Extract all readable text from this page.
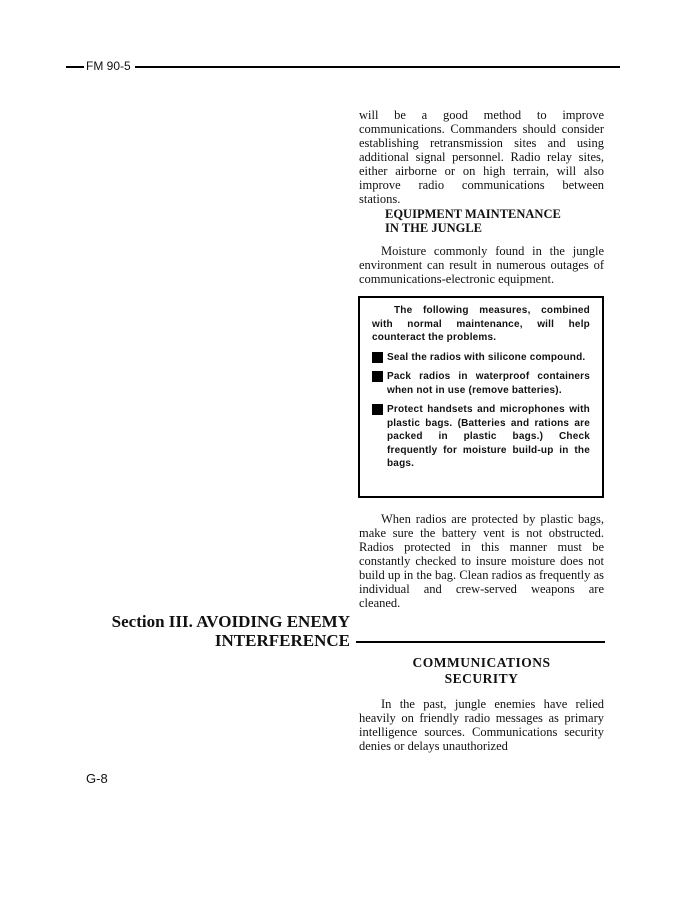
FM 90-5

will be a good method to improve communications. Commanders should consider establishing retransmission sites and using additional signal personnel. Radio relay sites, either airborne or on high terrain, will also improve radio communications between stations.

EQUIPMENT MAINTENANCE
IN THE JUNGLE

Moisture commonly found in the jungle environment can result in numerous outages of communications-electronic equipment.

The following measures, combined with normal maintenance, will help counteract the problems.

Seal the radios with silicone compound.
Pack radios in waterproof containers when not in use (remove batteries).
Protect handsets and microphones with plastic bags. (Batteries and rations are packed in plastic bags.) Check frequently for moisture build-up in the bags.

When radios are protected by plastic bags, make sure the battery vent is not obstructed. Radios protected in this manner must be constantly checked to insure moisture does not build up in the bag. Clean radios as frequently as individual and crew-served weapons are cleaned.

Section III. AVOIDING ENEMY
INTERFERENCE
COMMUNICATIONS
SECURITY

In the past, jungle enemies have relied heavily on friendly radio messages as primary intelligence sources. Communications security denies or delays unauthorized

G-8
